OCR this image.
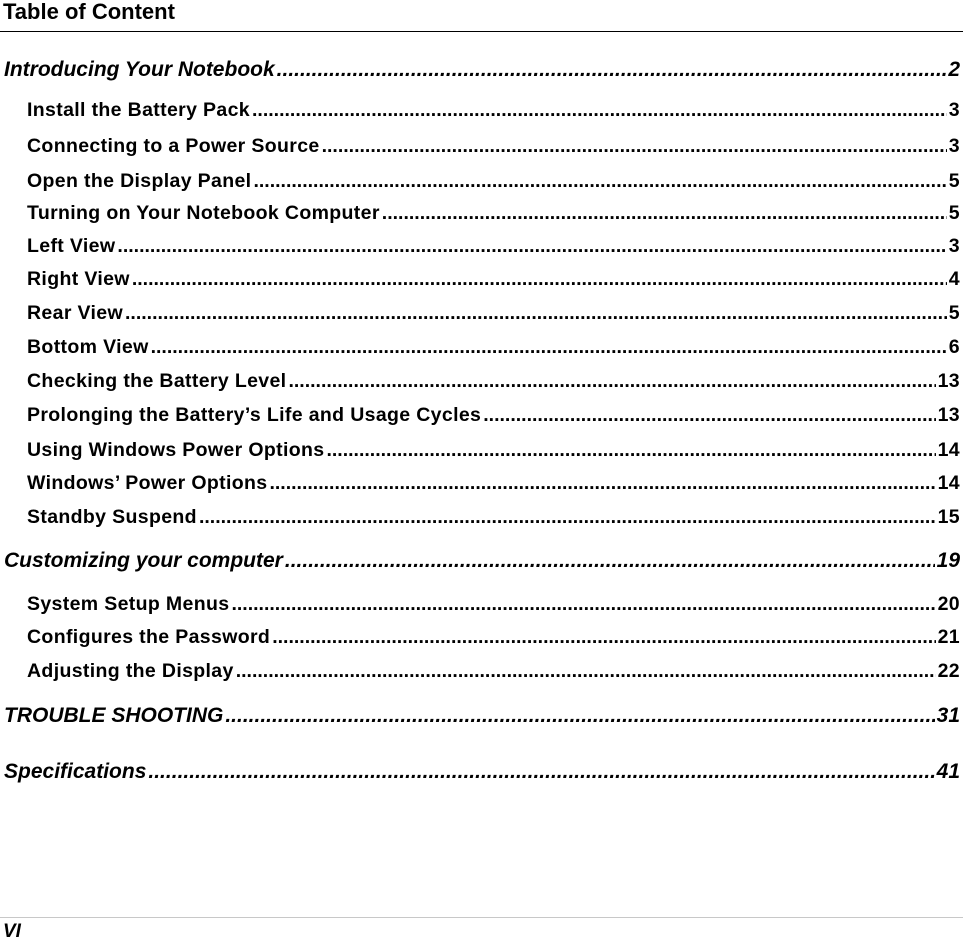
Table of Content
Introducing Your Notebook .....	2
Install the Battery Pack .....	3
Connecting to a Power Source .....	3
Open the Display Panel .....	5
Turning on Your Notebook Computer .....	5
Left View .....	3
Right View .....	4
Rear View .....	5
Bottom View .....	6
Checking the Battery Level .....	13
Prolonging the Battery’s Life and Usage Cycles .....	13
Using Windows Power Options .....	14
Windows’ Power Options .....	14
Standby Suspend .....	15
Customizing your computer .....	19
System Setup Menus .....	20
Configures the Password .....	21
Adjusting the Display .....	22
TROUBLE SHOOTING .....	31
Specifications .....	41
VI
